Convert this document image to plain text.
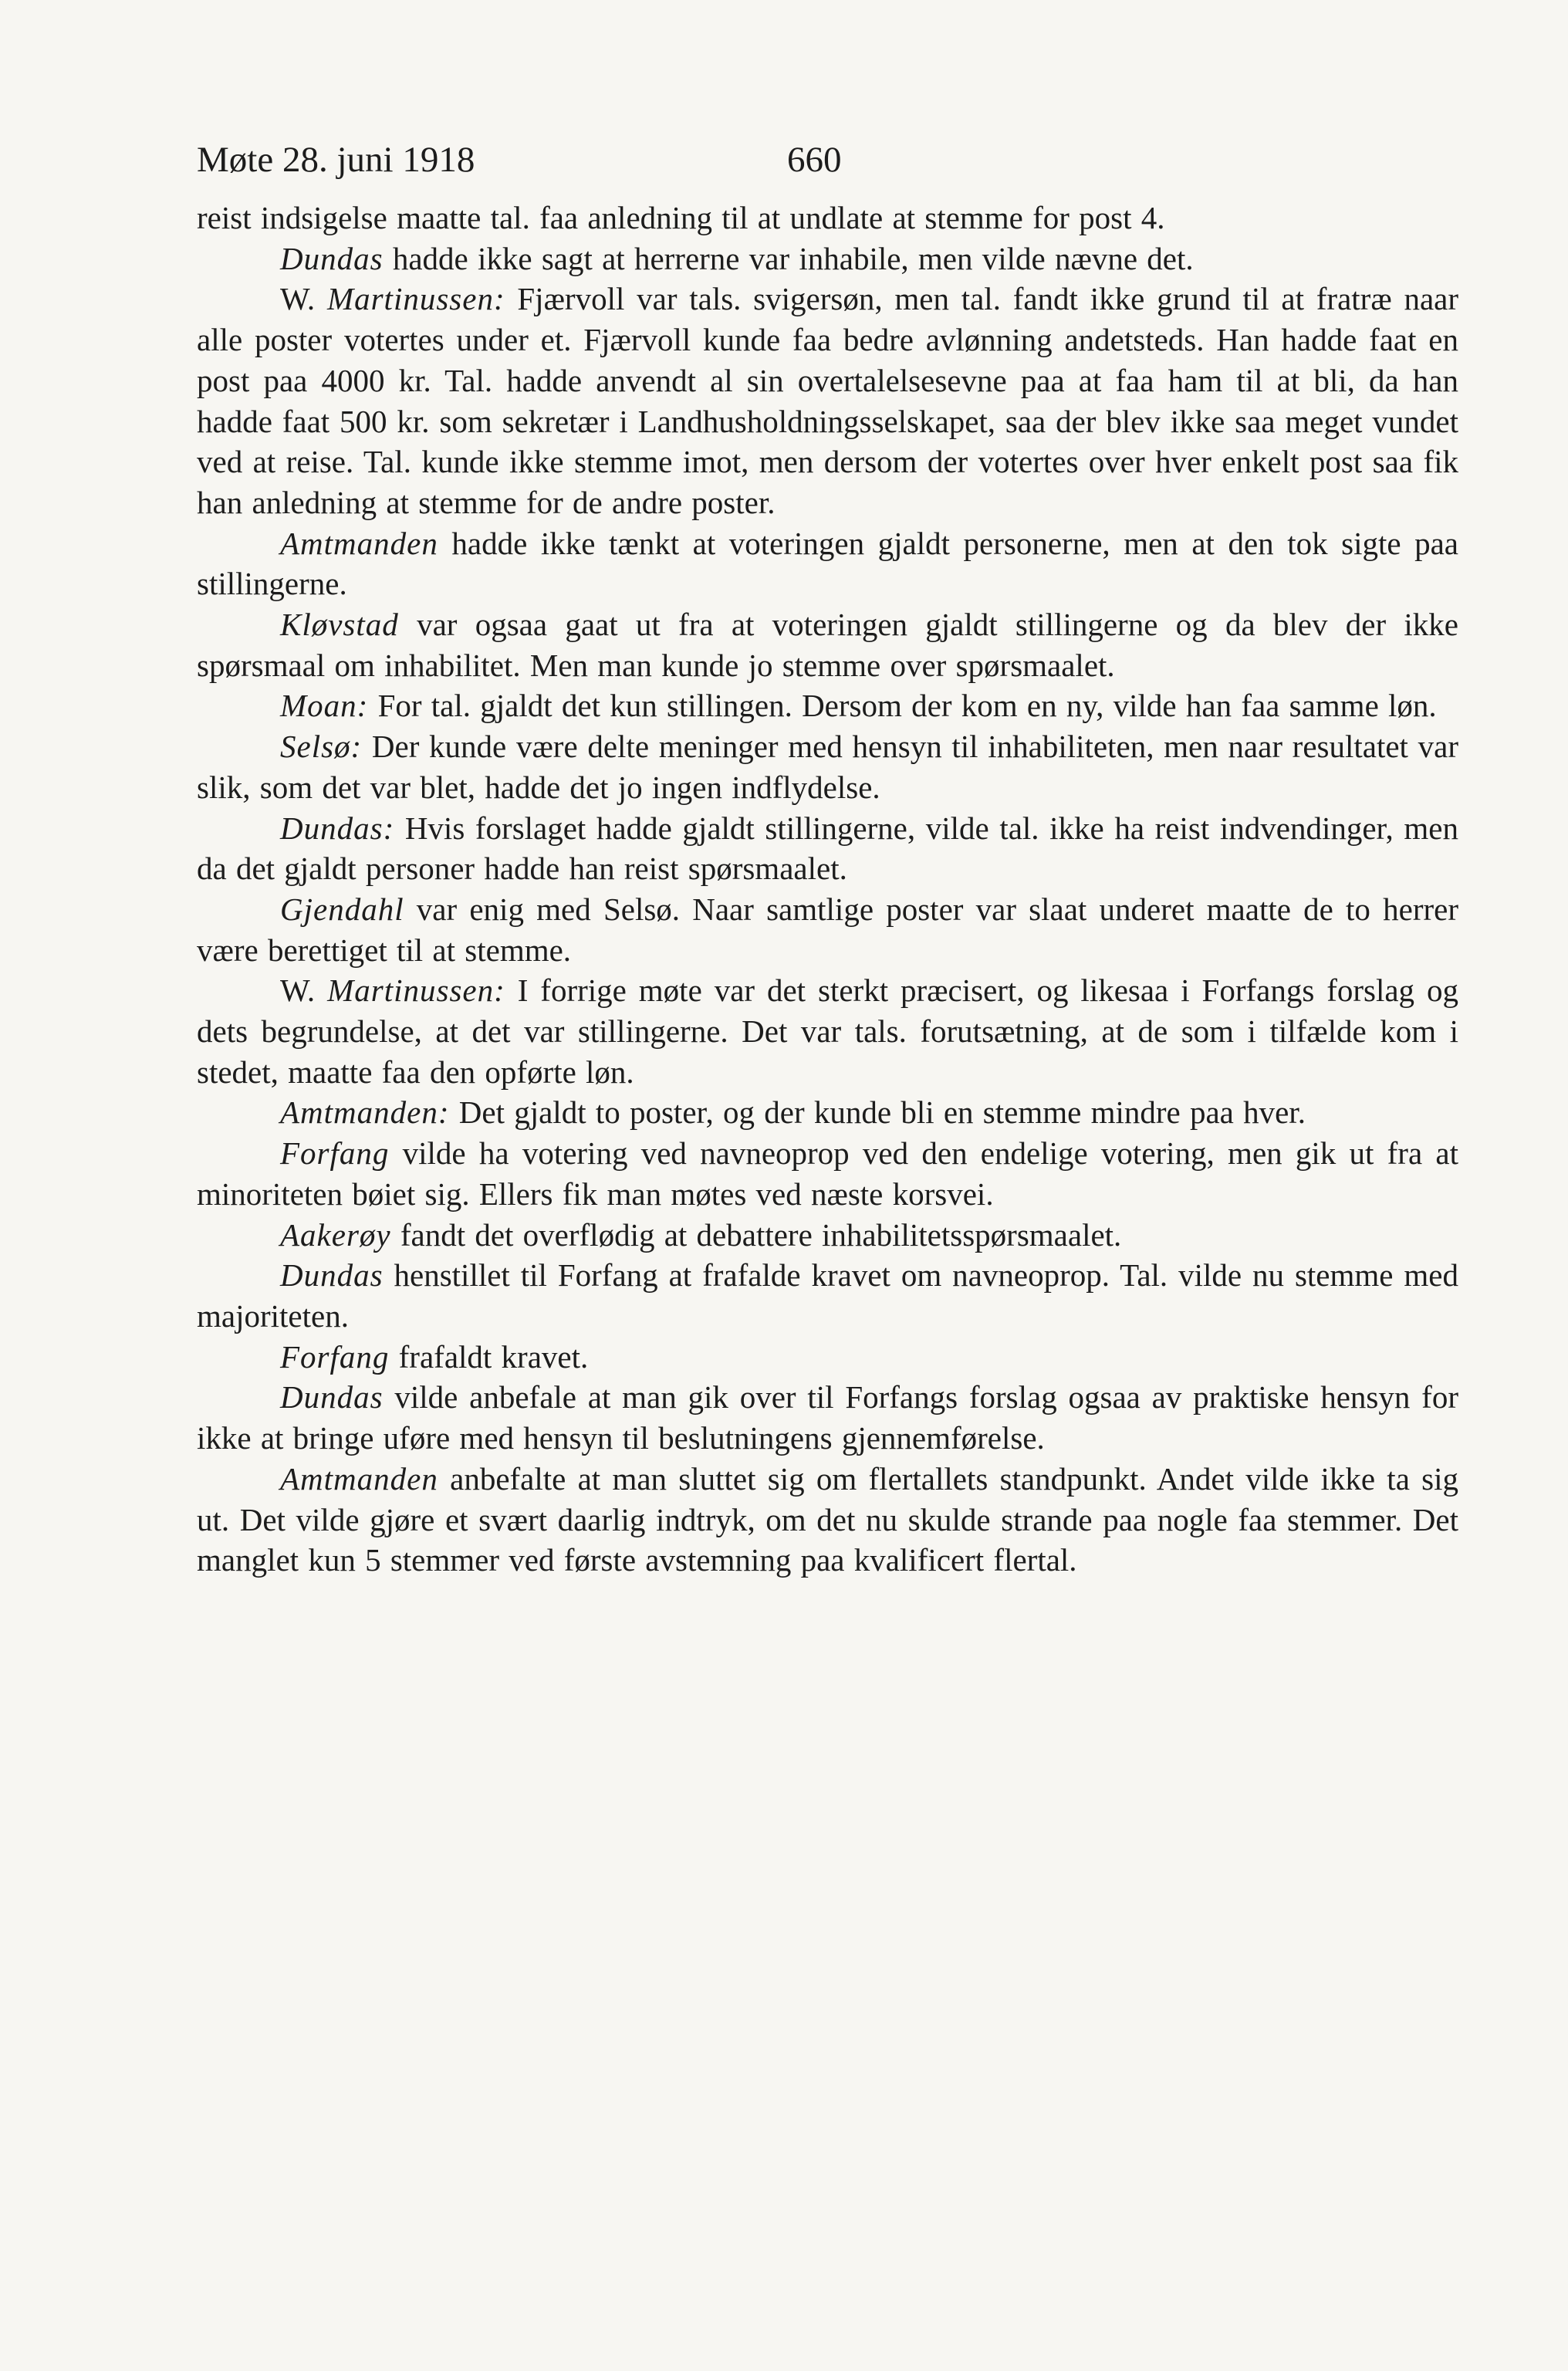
Møte 28. juni 1918	660

reist indsigelse maatte tal. faa anledning til at undlate at stemme for post 4.

Dundas hadde ikke sagt at herrerne var inhabile, men vilde nævne det.

W. Martinussen: Fjærvoll var tals. svigersøn, men tal. fandt ikke grund til at fratræ naar alle poster votertes under et. Fjærvoll kunde faa bedre avlønning andetsteds. Han hadde faat en post paa 4000 kr. Tal. hadde anvendt al sin overtalelsesevne paa at faa ham til at bli, da han hadde faat 500 kr. som sekretær i Landhusholdningsselskapet, saa der blev ikke saa meget vundet ved at reise. Tal. kunde ikke stemme imot, men dersom der votertes over hver enkelt post saa fik han anledning at stemme for de andre poster.

Amtmanden hadde ikke tænkt at voteringen gjaldt personerne, men at den tok sigte paa stillingerne.

Kløvstad var ogsaa gaat ut fra at voteringen gjaldt stillingerne og da blev der ikke spørsmaal om inhabilitet. Men man kunde jo stemme over spørsmaalet.

Moan: For tal. gjaldt det kun stillingen. Dersom der kom en ny, vilde han faa samme løn.

Selsø: Der kunde være delte meninger med hensyn til inhabiliteten, men naar resultatet var slik, som det var blet, hadde det jo ingen indflydelse.

Dundas: Hvis forslaget hadde gjaldt stillingerne, vilde tal. ikke ha reist indvendinger, men da det gjaldt personer hadde han reist spørsmaalet.

Gjendahl var enig med Selsø. Naar samtlige poster var slaat underet maatte de to herrer være berettiget til at stemme.

W. Martinussen: I forrige møte var det sterkt præcisert, og likesaa i Forfangs forslag og dets begrundelse, at det var stillingerne. Det var tals. forutsætning, at de som i tilfælde kom i stedet, maatte faa den opførte løn.

Amtmanden: Det gjaldt to poster, og der kunde bli en stemme mindre paa hver.

Forfang vilde ha votering ved navneoprop ved den endelige votering, men gik ut fra at minoriteten bøiet sig. Ellers fik man møtes ved næste korsvei.

Aakerøy fandt det overflødig at debattere inhabilitetsspørsmaalet.

Dundas henstillet til Forfang at frafalde kravet om navneoprop. Tal. vilde nu stemme med majoriteten.

Forfang frafaldt kravet.

Dundas vilde anbefale at man gik over til Forfangs forslag ogsaa av praktiske hensyn for ikke at bringe uføre med hensyn til beslutningens gjennemførelse.

Amtmanden anbefalte at man sluttet sig om flertallets standpunkt. Andet vilde ikke ta sig ut. Det vilde gjøre et svært daarlig indtryk, om det nu skulde strande paa nogle faa stemmer. Det manglet kun 5 stemmer ved første avstemning paa kvalificert flertal.
